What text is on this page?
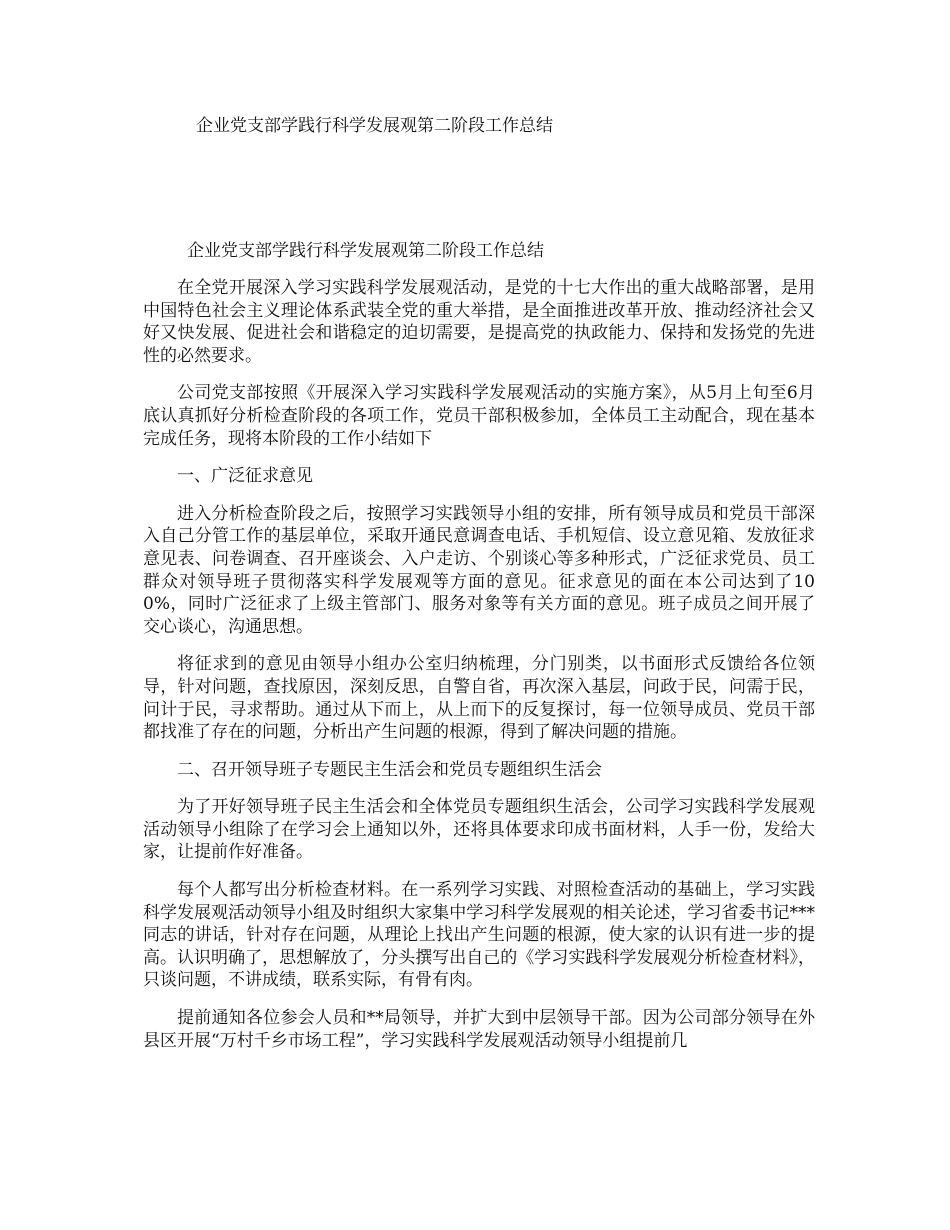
企业党支部学践行科学发展观第二阶段工作总结
企业党支部学践行科学发展观第二阶段工作总结

在全党开展深入学习实践科学发展观活动，是党的十七大作出的重大战略部署，是用中国特色社会主义理论体系武装全党的重大举措，是全面推进改革开放、推动经济社会又好又快发展、促进社会和谐稳定的迫切需要，是提高党的执政能力、保持和发扬党的先进性的必然要求。

公司党支部按照《开展深入学习实践科学发展观活动的实施方案》，从5月上旬至6月底认真抓好分析检查阶段的各项工作，党员干部积极参加，全体员工主动配合，现在基本完成任务，现将本阶段的工作小结如下

一、广泛征求意见

进入分析检查阶段之后，按照学习实践领导小组的安排，所有领导成员和党员干部深入自己分管工作的基层单位，采取开通民意调查电话、手机短信、设立意见箱、发放征求意见表、问卷调查、召开座谈会、入户走访、个别谈心等多种形式，广泛征求党员、员工群众对领导班子贯彻落实科学发展观等方面的意见。征求意见的面在本公司达到了100%，同时广泛征求了上级主管部门、服务对象等有关方面的意见。班子成员之间开展了交心谈心，沟通思想。

将征求到的意见由领导小组办公室归纳梳理，分门别类，以书面形式反馈给各位领导，针对问题，查找原因，深刻反思，自警自省，再次深入基层，问政于民，问需于民，问计于民，寻求帮助。通过从下而上，从上而下的反复探讨，每一位领导成员、党员干部都找准了存在的问题，分析出产生问题的根源，得到了解决问题的措施。

二、召开领导班子专题民主生活会和党员专题组织生活会

为了开好领导班子民主生活会和全体党员专题组织生活会，公司学习实践科学发展观活动领导小组除了在学习会上通知以外，还将具体要求印成书面材料，人手一份，发给大家，让提前作好准备。

每个人都写出分析检查材料。在一系列学习实践、对照检查活动的基础上，学习实践科学发展观活动领导小组及时组织大家集中学习科学发展观的相关论述，学习省委书记***同志的讲话，针对存在问题，从理论上找出产生问题的根源，使大家的认识有进一步的提高。认识明确了，思想解放了，分头撰写出自己的《学习实践科学发展观分析检查材料》，只谈问题，不讲成绩，联系实际，有骨有肉。

提前通知各位参会人员和**局领导，并扩大到中层领导干部。因为公司部分领导在外县区开展“万村千乡市场工程”，学习实践科学发展观活动领导小组提前几
